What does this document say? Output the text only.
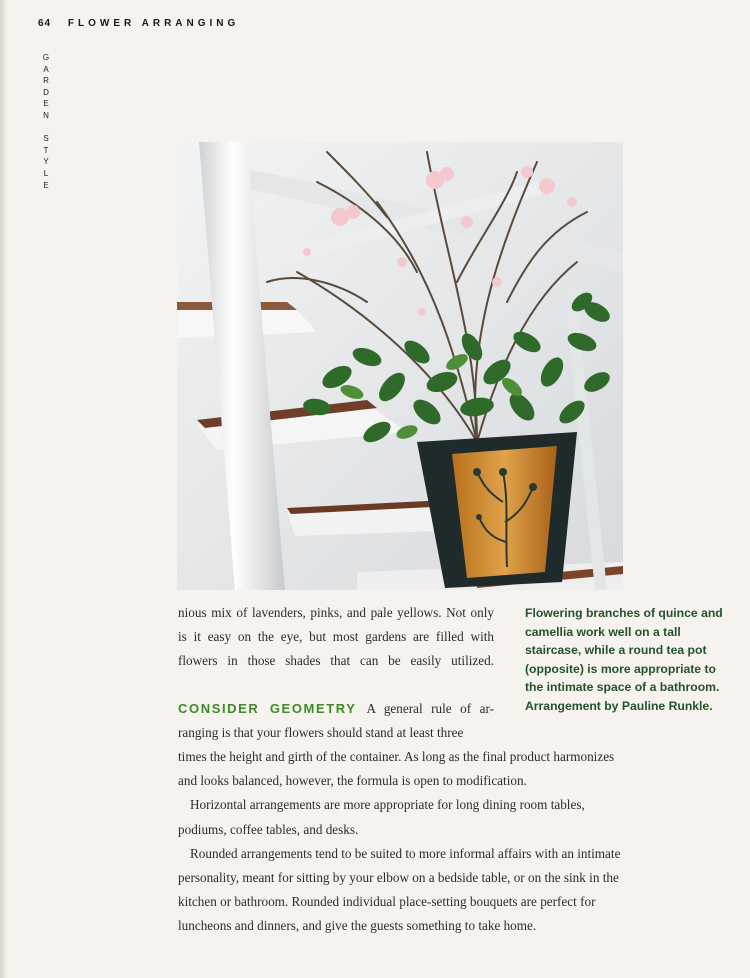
64 FLOWER ARRANGING
G
A
R
D
E
N
S
T
Y
L
E

nious mix of lavenders, pinks, and pale yellows. Not only is it easy on the eye, but most gardens are filled with flowers in those shades that can be easily utilized.

CONSIDER GEOMETRY A general rule of ar-

ranging is that your flowers should stand at least three

times the height and girth of the container. As long as the final product harmonizes and looks balanced, however, the formula is open to modification.

Horizontal arrangements are more appropriate for long dining room tables, podiums, coffee tables, and desks.

Rounded arrangements tend to be suited to more informal affairs with an intimate personality, meant for sitting by your elbow on a bedside table, or on the sink in the kitchen or bathroom. Rounded individual place-setting bouquets are perfect for luncheons and dinners, and give the guests something to take home.

Flowering branches of quince and camellia work well on a tall staircase, while a round tea pot (opposite) is more appropriate to the intimate space of a bathroom. Arrangement by Pauline Runkle.
